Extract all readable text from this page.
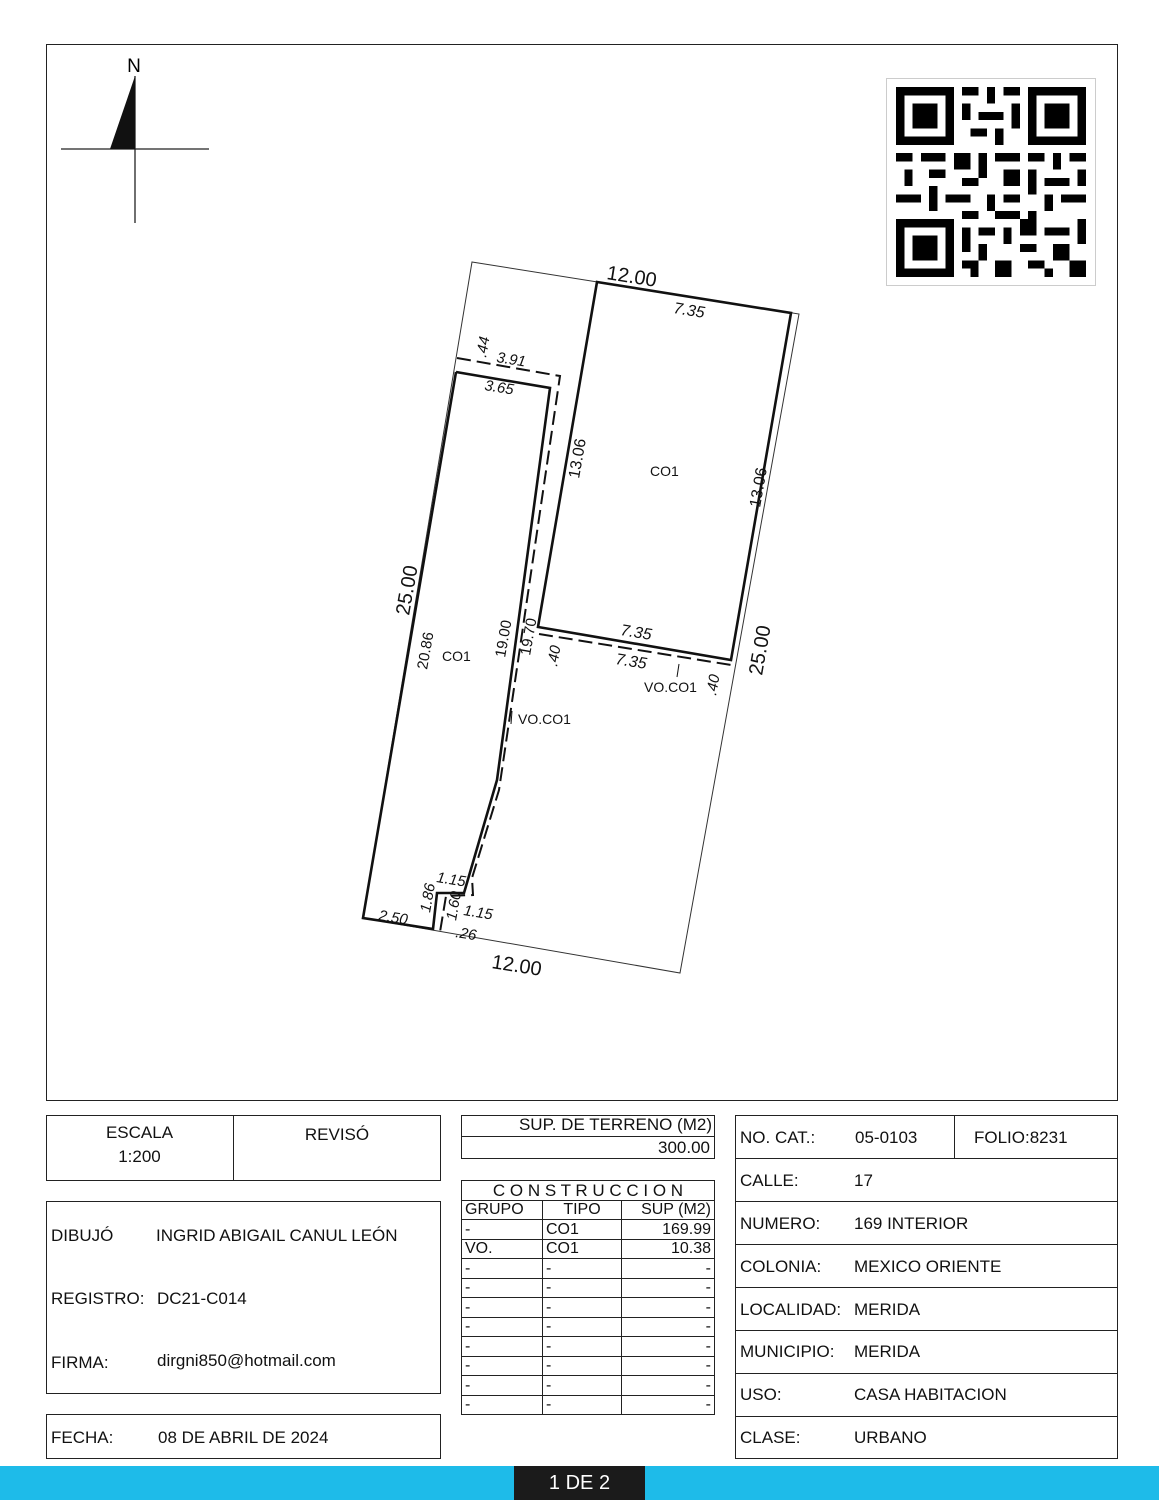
N
12.00
12.00
25.00
25.00
7.35
13.06
13.06
CO1
7.35
7.35
CO1
20.86	19.00 19.70
.44
3.91
3.65
.40
.40
VO.CO1
VO.CO1
1.15
1.86 1.60
1.15
2.50
.26
ESCALA
1:200
REVISÓ
DIBUJÓ	INGRID ABIGAIL CANUL LEÓN
REGISTRO: DC21-C014
FIRMA:	dirgni850@hotmail.com
FECHA:	08 DE ABRIL DE 2024
SUP. DE TERRENO (M2)
300.00
C O N S T R U C C I O N		
GRUPO	TIPO	SUP (M2)
-	CO1	169.99
VO.	CO1	10.38
-	-	-
-	-	-
-	-	-
-	-	-
-	-	-
-	-	-
-	-	-
-	-	-
NO. CAT.: 05-0103	FOLIO:8231
CALLE:	17
NUMERO: 169 INTERIOR
COLONIA: MEXICO ORIENTE
LOCALIDAD: MERIDA
MUNICIPIO: MERIDA
USO:	CASA HABITACION
CLASE:	URBANO
1 DE 2
